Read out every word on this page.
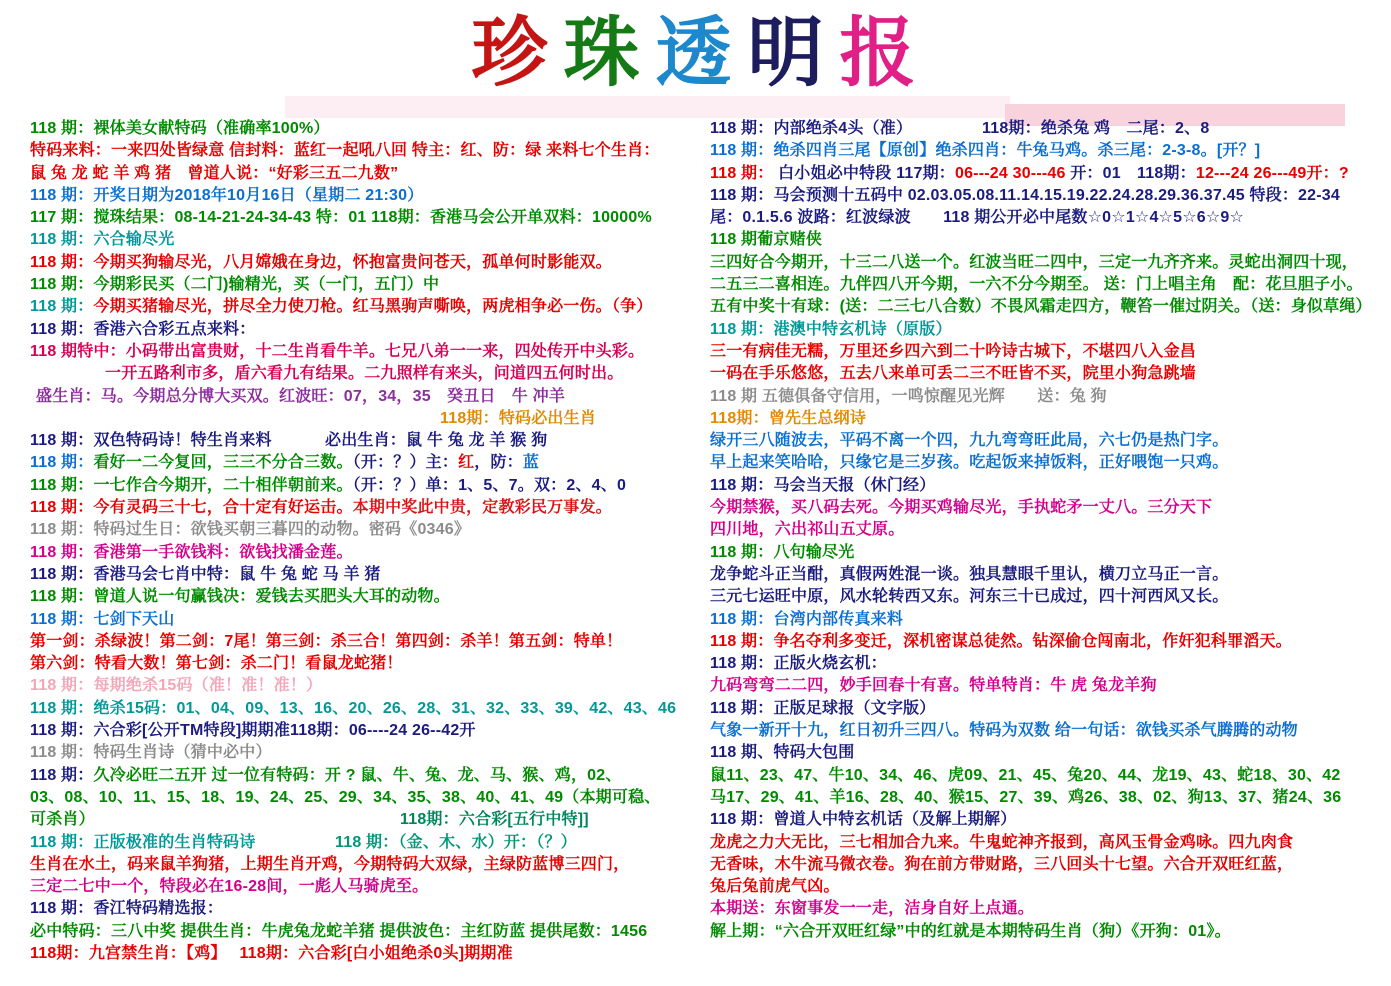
珍 珠 透 明 报
118 期：裸体美女献特码（准确率100%）
特码来料：一来四处皆绿意 信封料：蓝红一起吼八回 特主：红、防：绿 来料七个生肖：
鼠 兔 龙 蛇 羊 鸡 猪　曾道人说：“好彩三五二九数”
118 期：开奖日期为2018年10月16日（星期二 21:30）
117 期：搅珠结果：08-14-21-24-34-43 特：01 118期：香港马会公开单双料：10000%
118 期：六合输尽光
118 期：今期买狗输尽光，八月嫦娥在身边，怀抱富贵问苍天，孤单何时影能双。
118 期：今期彩民买（二门)输精光，买（一门，五门）中
118 期：今期买猪输尽光，拼尽全力使刀枪。红马黑驹声嘶唤，两虎相争必一伤。（争）
118 期：香港六合彩五点来料：
118 期特中：小码带出富贵财，十二生肖看牛羊。七兄八弟一一来，四处传开中头彩。
一开五路利市多，盾六看九有结果。二九照样有来头，问道四五何时出。
盛生肖：马。今期总分博大买双。红波旺：07，34，35　癸丑日　牛 冲羊
118期：特码必出生肖
118 期：双色特码诗！特生肖来料	必出生肖：鼠 牛 兔 龙 羊 猴 狗
118 期：看好一二今复回，三三不分合三数。（开：？）主：红，防：蓝
118 期：一七作合今期开，二十相伴朝前来。（开：？）单：1、5、7。双：2、4、0
118 期：今有灵码三十七，合十定有好运击。本期中奖此中贵，定教彩民万事发。
118 期：特码过生日：欲钱买朝三暮四的动物。密码《0346》
118 期：香港第一手欲钱料：欲钱找潘金莲。
118 期：香港马会七肖中特：鼠 牛 兔 蛇 马 羊 猪
118 期：曾道人说一句赢钱决：爱钱去买肥头大耳的动物。
118 期：七剑下天山
第一剑：杀绿波！第二剑：7尾！第三剑：杀三合！第四剑：杀羊！第五剑：特单！
第六剑：特看大数！第七剑：杀二门！看鼠龙蛇猪！
118 期：每期绝杀15码（准！准！准！）
118 期：绝杀15码：01、04、09、13、16、20、26、28、31、32、33、39、42、43、46
118 期：六合彩[公开TM特段]期期准118期：06----24 26--42开
118 期：特码生肖诗（猜中必中）
118 期：久冷必旺二五开 过一位有特码：开 ? 鼠、牛、兔、龙、马、猴、鸡，02、
03、08、10、11、15、18、19、24、25、29、34、35、38、40、41、49（本期可稳、
可杀肖）	118期：六合彩[五行中特]]
118 期：正版极准的生肖特码诗	118 期：（金、木、水）开：（？）
生肖在水土，码来鼠羊狗猪，上期生肖开鸡，今期特码大双绿，主绿防蓝博三四门，
三定二七中一个，特段必在16-28间，一彪人马骑虎至。
118 期：香江特码精选报：
必中特码：三八中奖 提供生肖：牛虎兔龙蛇羊猪 提供波色：主红防蓝 提供尾数：1456
118期：九宫禁生肖：【鸡】　 118期：六合彩[白小姐绝杀0头]期期准
118 期：内部绝杀4头（准）	118期：绝杀兔 鸡　二尾：2、8
118 期：绝杀四肖三尾【原创】绝杀四肖：牛兔马鸡。杀三尾：2-3-8。[开？]
118 期： 白小姐必中特段 117期：06---24 30---46 开：01　118期：12---24 26---49开：?
118 期：马会预测十五码中 02.03.05.08.11.14.15.19.22.24.28.29.36.37.45 特段：22-34
尾：0.1.5.6 波路：红波绿波　　118 期公开必中尾数☆0☆1☆4☆5☆6☆9☆
118 期葡京赌侠
三四好合今期开，十三二八送一个。红波当旺二四中，三定一九齐齐来。灵蛇出洞四十现，
二五三二喜相连。九伴四八开今期，一六不分今期至。 送：门上唱主角　配：花旦胆子小。
五有中奖十有球：(送：二三七八合数）不畏风霜走四方，鞭笞一催过阴关。（送：身似草绳）
118 期：港澳中特玄机诗（原版）
三一有病佳无糯，万里还乡四六到二十吟诗古城下，不堪四八入金昌
一码在手乐悠悠，五去八来单可丢二三不旺皆不买，院里小狗急跳墙
118 期 五德俱备守信用，一鸣惊醒见光辉　　送：兔 狗
118期：曾先生总纲诗
绿开三八随波去，平码不离一个四，九九弯弯旺此局，六七仍是热门字。
早上起来笑哈哈，只缘它是三岁孩。吃起饭来掉饭料，正好喂饱一只鸡。
118 期：马会当天报（休门经）
今期禁猴，买八码去死。今期买鸡输尽光，手执蛇矛一丈八。三分天下
四川地，六出祁山五丈原。
118 期：八句输尽光
龙争蛇斗正当酣，真假两姓混一谈。独具慧眼千里认，横刀立马正一言。
三元七运旺中原，风水轮转西又东。河东三十已成过，四十河西风又长。
118 期：台湾内部传真来料
118 期：争名夺利多变迁，深机密谋总徒然。钻深偷仓闯南北，作奸犯科罪滔天。
118 期：正版火烧玄机：
九码弯弯二二四，妙手回春十有喜。特单特肖：牛 虎 兔龙羊狗
118 期：正版足球报（文字版）
气象一新开十九，红日初升三四八。特码为双数 给一句话：欲钱买杀气腾腾的动物
118 期、特码大包围
鼠11、23、47、牛10、34、46、虎09、21、45、兔20、44、龙19、43、蛇18、30、42
马17、29、41、羊16、28、40、猴15、27、39、鸡26、38、02、狗13、37、猪24、36
118 期：曾道人中特玄机话（及解上期解）
龙虎之力大无比，三七相加合九来。牛鬼蛇神齐报到，高风玉骨金鸡咏。四九肉食
无香味，木牛流马微衣卷。狗在前方带财路，三八回头十七望。六合开双旺红蓝，
兔后兔前虎气凶。
本期送：东窗事发一一走，洁身自好上点通。
解上期：“六合开双旺红绿”中的红就是本期特码生肖（狗）《开狗：01》。
